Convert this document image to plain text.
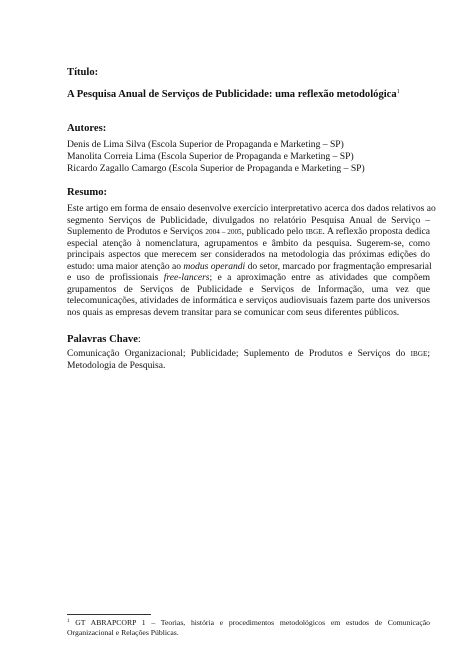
Título:
A Pesquisa Anual de Serviços de Publicidade: uma reflexão metodológica$^1$
Autores:
Denis de Lima Silva (Escola Superior de Propaganda e Marketing – SP)
Manolita Correia Lima (Escola Superior de Propaganda e Marketing – SP)
Ricardo Zagallo Camargo (Escola Superior de Propaganda e Marketing – SP)
Resumo:
Este artigo em forma de ensaio desenvolve exercício interpretativo acerca dos dados relativos ao
segmento Serviços de Publicidade, divulgados no relatório Pesquisa Anual de Serviço –
Suplemento de Produtos e Serviços 2004 – 2005, publicado pelo IBGE. A reflexão proposta dedica
especial atenção à nomenclatura, agrupamentos e âmbito da pesquisa. Sugerem-se, como
principais aspectos que merecem ser considerados na metodologia das próximas edições do
estudo: uma maior atenção ao modus operandi do setor, marcado por fragmentação empresarial
e uso de profissionais free-lancers; e a aproximação entre as atividades que compõem
grupamentos de Serviços de Publicidade e Serviços de Informação, uma vez que
telecomunicações, atividades de informática e serviços audiovisuais fazem parte dos universos
nos quais as empresas devem transitar para se comunicar com seus diferentes públicos.
Palavras Chave:
Comunicação Organizacional; Publicidade; Suplemento de Produtos e Serviços do IBGE;
Metodologia de Pesquisa.
$^1$ GT ABRAPCORP 1 – Teorias, história e procedimentos metodológicos em estudos de Comunicação
Organizacional e Relações Públicas.
